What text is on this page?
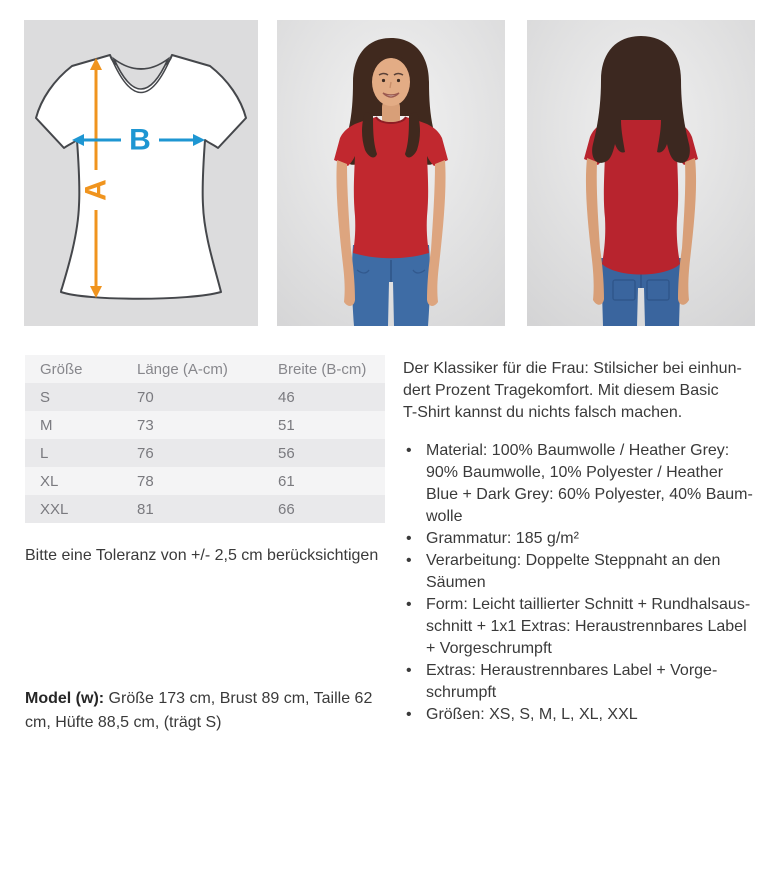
A
B
Größe	Länge (A-cm)	Breite (B-cm)
S	70	46
M	73	51
L	76	56
XL	78	61
XXL	81	66

Bitte eine Toleranz von +/- 2,5 cm berücksichtigen

Model (w): Größe 173 cm, Brust 89 cm, Taille 62
cm, Hüfte 88,5 cm, (trägt S)

Der Klassiker für die Frau: Stilsicher bei einhun-
dert Prozent Tragekomfort. Mit diesem Basic
T-Shirt kannst du nichts falsch machen.
• Material: 100% Baumwolle / Heather Grey:
90% Baumwolle, 10% Polyester / Heather
Blue + Dark Grey: 60% Polyester, 40% Baum-
wolle
• Grammatur: 185 g/m²
• Verarbeitung: Doppelte Steppnaht an den
Säumen
• Form: Leicht taillierter Schnitt + Rundhalsaus-
schnitt + 1x1 Extras: Heraustrennbares Label
+ Vorgeschrumpft
• Extras: Heraustrennbares Label + Vorge-
schrumpft
• Größen: XS, S, M, L, XL, XXL
